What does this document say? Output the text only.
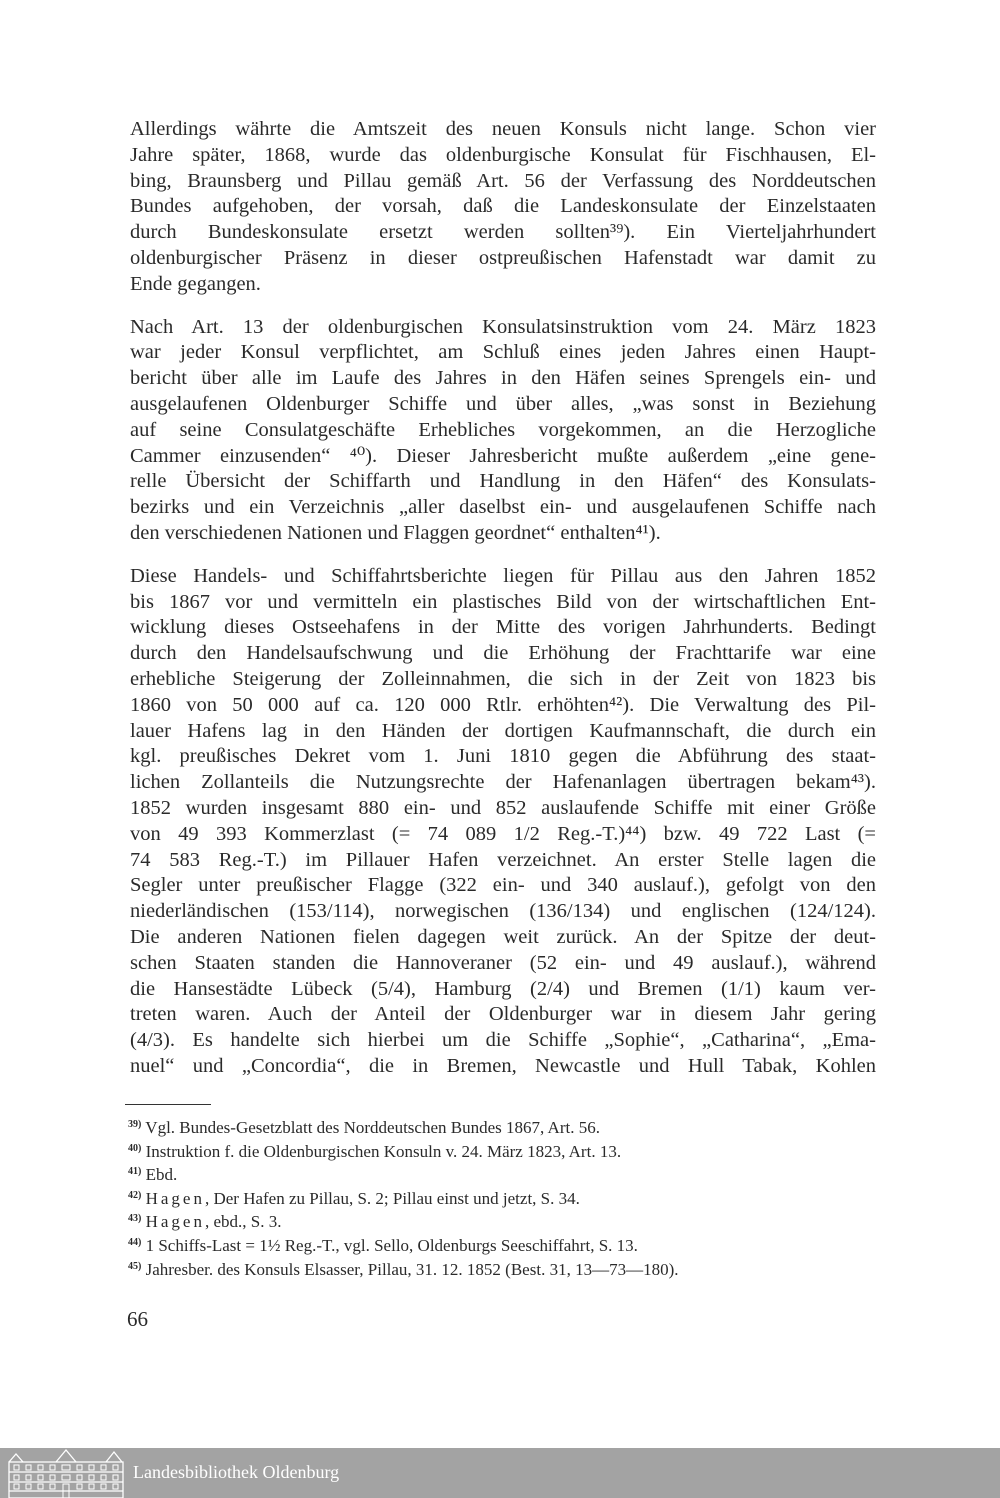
Allerdings währte die Amtszeit des neuen Konsuls nicht lange. Schon vier
Jahre später, 1868, wurde das oldenburgische Konsulat für Fischhausen, El-
bing, Braunsberg und Pillau gemäß Art. 56 der Verfassung des Norddeutschen
Bundes aufgehoben, der vorsah, daß die Landeskonsulate der Einzelstaaten
durch Bundeskonsulate ersetzt werden sollten³⁹). Ein Vierteljahrhundert
oldenburgischer Präsenz in dieser ostpreußischen Hafenstadt war damit zu
Ende gegangen.
Nach Art. 13 der oldenburgischen Konsulatsinstruktion vom 24. März 1823
war jeder Konsul verpflichtet, am Schluß eines jeden Jahres einen Haupt-
bericht über alle im Laufe des Jahres in den Häfen seines Sprengels ein- und
ausgelaufenen Oldenburger Schiffe und über alles, „was sonst in Beziehung
auf seine Consulatgeschäfte Erhebliches vorgekommen, an die Herzogliche
Cammer einzusenden“ ⁴⁰). Dieser Jahresbericht mußte außerdem „eine gene-
relle Übersicht der Schiffarth und Handlung in den Häfen“ des Konsulats-
bezirks und ein Verzeichnis „aller daselbst ein- und ausgelaufenen Schiffe nach
den verschiedenen Nationen und Flaggen geordnet“ enthalten⁴¹).
Diese Handels- und Schiffahrtsberichte liegen für Pillau aus den Jahren 1852
bis 1867 vor und vermitteln ein plastisches Bild von der wirtschaftlichen Ent-
wicklung dieses Ostseehafens in der Mitte des vorigen Jahrhunderts. Bedingt
durch den Handelsaufschwung und die Erhöhung der Frachttarife war eine
erhebliche Steigerung der Zolleinnahmen, die sich in der Zeit von 1823 bis
1860 von 50 000 auf ca. 120 000 Rtlr. erhöhten⁴²). Die Verwaltung des Pil-
lauer Hafens lag in den Händen der dortigen Kaufmannschaft, die durch ein
kgl. preußisches Dekret vom 1. Juni 1810 gegen die Abführung des staat-
lichen Zollanteils die Nutzungsrechte der Hafenanlagen übertragen bekam⁴³).
1852 wurden insgesamt 880 ein- und 852 auslaufende Schiffe mit einer Größe
von 49 393 Kommerzlast (= 74 089 1/2 Reg.-T.)⁴⁴) bzw. 49 722 Last (=
74 583 Reg.-T.) im Pillauer Hafen verzeichnet. An erster Stelle lagen die
Segler unter preußischer Flagge (322 ein- und 340 auslauf.), gefolgt von den
niederländischen (153/114), norwegischen (136/134) und englischen (124/124).
Die anderen Nationen fielen dagegen weit zurück. An der Spitze der deut-
schen Staaten standen die Hannoveraner (52 ein- und 49 auslauf.), während
die Hansestädte Lübeck (5/4), Hamburg (2/4) und Bremen (1/1) kaum ver-
treten waren. Auch der Anteil der Oldenburger war in diesem Jahr gering
(4/3). Es handelte sich hierbei um die Schiffe „Sophie“, „Catharina“, „Ema-
nuel“ und „Concordia“, die in Bremen, Newcastle und Hull Tabak, Kohlen
$^{39)}$ Vgl. Bundes-Gesetzblatt des Norddeutschen Bundes 1867, Art. 56.
$^{40)}$ Instruktion f. die Oldenburgischen Konsuln v. 24. März 1823, Art. 13.
$^{41)}$ Ebd.
$^{42)}$ Hagen, Der Hafen zu Pillau, S. 2; Pillau einst und jetzt, S. 34.
$^{43)}$ Hagen, ebd., S. 3.
$^{44)}$ 1 Schiffs-Last = 1½ Reg.-T., vgl. Sello, Oldenburgs Seeschiffahrt, S. 13.
$^{45)}$ Jahresber. des Konsuls Elsasser, Pillau, 31. 12. 1852 (Best. 31, 13—73—180).
66
Landesbibliothek Oldenburg
